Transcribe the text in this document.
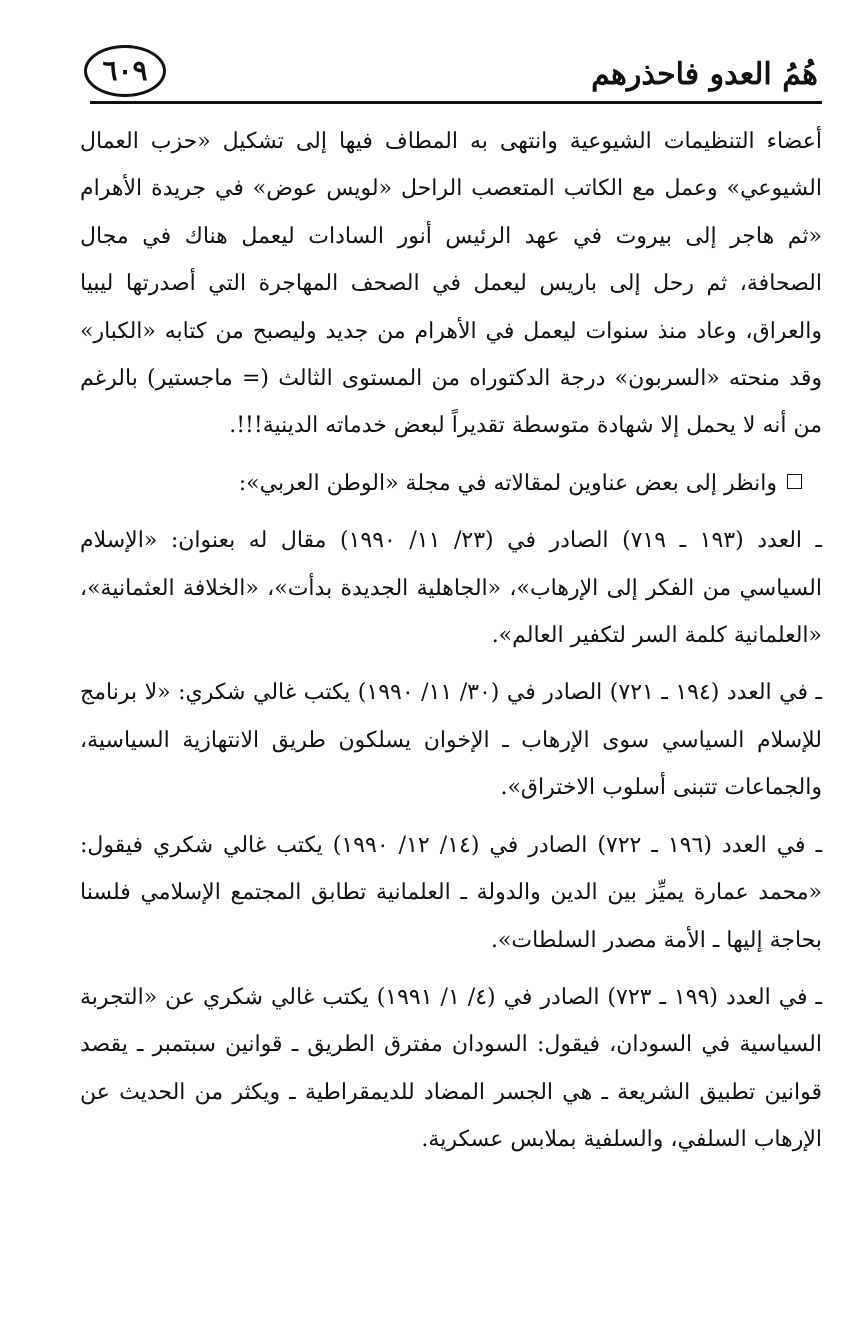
٦٠٩	هُمُ العدو فاحذرهم

أعضاء التنظيمات الشيوعية وانتهى به المطاف فيها إلى تشكيل «حزب العمال الشيوعي» وعمل مع الكاتب المتعصب الراحل «لويس عوض» في جريدة الأهرام «ثم هاجر إلى بيروت في عهد الرئيس أنور السادات ليعمل هناك في مجال الصحافة، ثم رحل إلى باريس ليعمل في الصحف المهاجرة التي أصدرتها ليبيا والعراق، وعاد منذ سنوات ليعمل في الأهرام من جديد وليصبح من كتابه «الكبار» وقد منحته «السربون» درجة الدكتوراه من المستوى الثالث (= ماجستير) بالرغم من أنه لا يحمل إلا شهادة متوسطة تقديراً لبعض خدماته الدينية!!!.

وانظر إلى بعض عناوين لمقالاته في مجلة «الوطن العربي»:

ـ العدد (١٩٣ ـ ٧١٩) الصادر في (٢٣/ ١١/ ١٩٩٠) مقال له بعنوان: «الإسلام السياسي من الفكر إلى الإرهاب»، «الجاهلية الجديدة بدأت»، «الخلافة العثمانية»، «العلمانية كلمة السر لتكفير العالم».

ـ في العدد (١٩٤ ـ ٧٢١) الصادر في (٣٠/ ١١/ ١٩٩٠) يكتب غالي شكري: «لا برنامج للإسلام السياسي سوى الإرهاب ـ الإخوان يسلكون طريق الانتهازية السياسية، والجماعات تتبنى أسلوب الاختراق».

ـ في العدد (١٩٦ ـ ٧٢٢) الصادر في (١٤/ ١٢/ ١٩٩٠) يكتب غالي شكري فيقول: «محمد عمارة يميِّز بين الدين والدولة ـ العلمانية تطابق المجتمع الإسلامي فلسنا بحاجة إليها ـ الأمة مصدر السلطات».

ـ في العدد (١٩٩ ـ ٧٢٣) الصادر في (٤/ ١/ ١٩٩١) يكتب غالي شكري عن «التجربة السياسية في السودان، فيقول: السودان مفترق الطريق ـ قوانين سبتمبر ـ يقصد قوانين تطبيق الشريعة ـ هي الجسر المضاد للديمقراطية ـ ويكثر من الحديث عن الإرهاب السلفي، والسلفية بملابس عسكرية.
